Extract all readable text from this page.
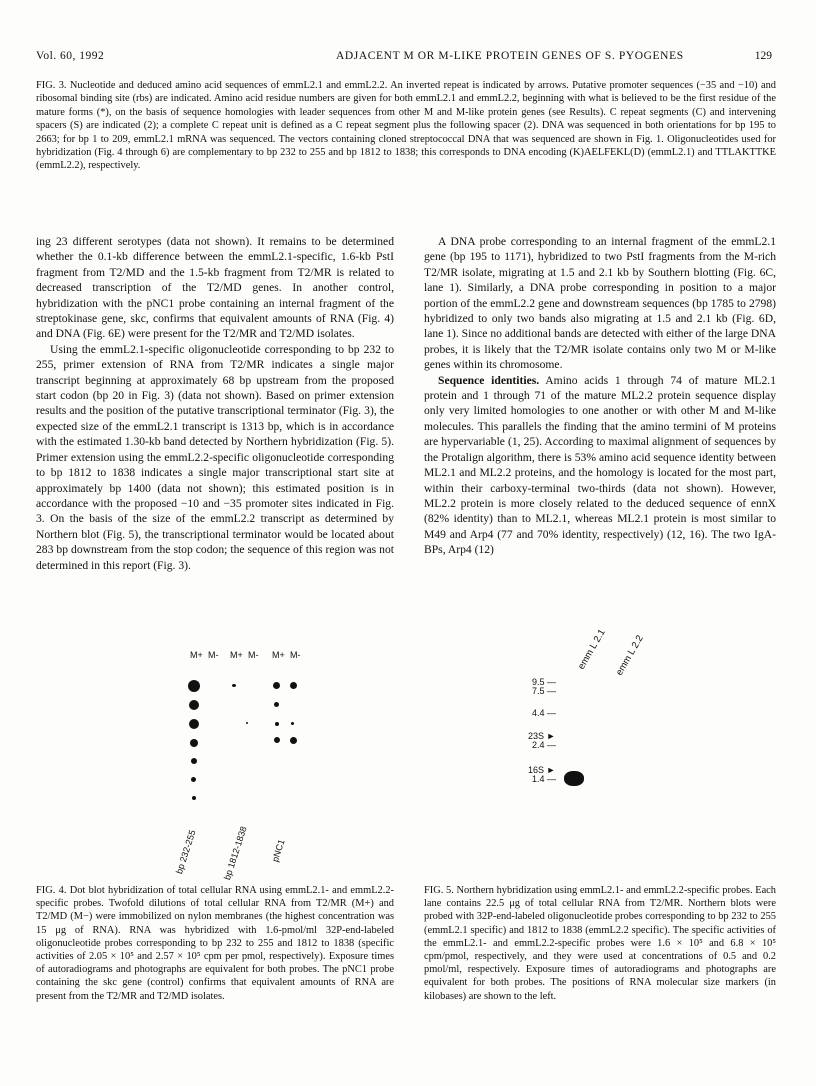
Vol. 60, 1992	ADJACENT M OR M-LIKE PROTEIN GENES OF S. PYOGENES	129
FIG. 3. Nucleotide and deduced amino acid sequences of emmL2.1 and emmL2.2. An inverted repeat is indicated by arrows. Putative promoter sequences (−35 and −10) and ribosomal binding site (rbs) are indicated. Amino acid residue numbers are given for both emmL2.1 and emmL2.2, beginning with what is believed to be the first residue of the mature forms (*), on the basis of sequence homologies with leader sequences from other M and M-like protein genes (see Results). C repeat segments (C) and intervening spacers (S) are indicated (2); a complete C repeat unit is defined as a C repeat segment plus the following spacer (2). DNA was sequenced in both orientations for bp 195 to 2663; for bp 1 to 209, emmL2.1 mRNA was sequenced. The vectors containing cloned streptococcal DNA that was sequenced are shown in Fig. 1. Oligonucleotides used for hybridization (Fig. 4 through 6) are complementary to bp 232 to 255 and bp 1812 to 1838; this corresponds to DNA encoding (K)AELFEKL(D) (emmL2.1) and TTLAKTTKE (emmL2.2), respectively.

ing 23 different serotypes (data not shown). It remains to be determined whether the 0.1-kb difference between the emmL2.1-specific, 1.6-kb PstI fragment from T2/MD and the 1.5-kb fragment from T2/MR is related to decreased transcription of the T2/MD genes. In another control, hybridization with the pNC1 probe containing an internal fragment of the streptokinase gene, skc, confirms that equivalent amounts of RNA (Fig. 4) and DNA (Fig. 6E) were present for the T2/MR and T2/MD isolates.

Using the emmL2.1-specific oligonucleotide corresponding to bp 232 to 255, primer extension of RNA from T2/MR indicates a single major transcript beginning at approximately 68 bp upstream from the proposed start codon (bp 20 in Fig. 3) (data not shown). Based on primer extension results and the position of the putative transcriptional terminator (Fig. 3), the expected size of the emmL2.1 transcript is 1313 bp, which is in accordance with the estimated 1.30-kb band detected by Northern hybridization (Fig. 5). Primer extension using the emmL2.2-specific oligonucleotide corresponding to bp 1812 to 1838 indicates a single major transcriptional start site at approximately bp 1400 (data not shown); this estimated position is in accordance with the proposed −10 and −35 promoter sites indicated in Fig. 3. On the basis of the size of the emmL2.2 transcript as determined by Northern blot (Fig. 5), the transcriptional terminator would be located about 283 bp downstream from the stop codon; the sequence of this region was not determined in this report (Fig. 3).

A DNA probe corresponding to an internal fragment of the emmL2.1 gene (bp 195 to 1171), hybridized to two PstI fragments from the M-rich T2/MR isolate, migrating at 1.5 and 2.1 kb by Southern blotting (Fig. 6C, lane 1). Similarly, a DNA probe corresponding in position to a major portion of the emmL2.2 gene and downstream sequences (bp 1785 to 2798) hybridized to only two bands also migrating at 1.5 and 2.1 kb (Fig. 6D, lane 1). Since no additional bands are detected with either of the large DNA probes, it is likely that the T2/MR isolate contains only two M or M-like genes within its chromosome.

Sequence identities. Amino acids 1 through 74 of mature ML2.1 protein and 1 through 71 of the mature ML2.2 protein sequence display only very limited homologies to one another or with other M and M-like molecules. This parallels the finding that the amino termini of M proteins are hypervariable (1, 25). According to maximal alignment of sequences by the Protalign algorithm, there is 53% amino acid sequence identity between ML2.1 and ML2.2 proteins, and the homology is located for the most part, within their carboxy-terminal two-thirds (data not shown). However, ML2.2 protein is more closely related to the deduced sequence of ennX (82% identity) than to ML2.1, whereas ML2.1 protein is most similar to M49 and Arp4 (77 and 70% identity, respectively) (12, 16). The two IgA-BPs, Arp4 (12)

M+ M- M+ M- M+ M-
bp 232-255	bp 1812-1838 pNC1
emm L 2.1 emm L 2.2
9.5 —
7.5 —
4.4 —
23S ►
2.4 —
16S ►
1.4 —
FIG. 4. Dot blot hybridization of total cellular RNA using emmL2.1- and emmL2.2-specific probes. Twofold dilutions of total cellular RNA from T2/MR (M+) and T2/MD (M−) were immobilized on nylon membranes (the highest concentration was 15 μg of RNA). RNA was hybridized with 1.6-pmol/ml 32P-end-labeled oligonucleotide probes corresponding to bp 232 to 255 and 1812 to 1838 (specific activities of 2.05 × 10⁵ and 2.57 × 10⁵ cpm per pmol, respectively). Exposure times of autoradiograms and photographs are equivalent for both probes. The pNC1 probe containing the skc gene (control) confirms that equivalent amounts of RNA are present from the T2/MR and T2/MD isolates.
FIG. 5. Northern hybridization using emmL2.1- and emmL2.2-specific probes. Each lane contains 22.5 μg of total cellular RNA from T2/MR. Northern blots were probed with 32P-end-labeled oligonucleotide probes corresponding to bp 232 to 255 (emmL2.1 specific) and 1812 to 1838 (emmL2.2 specific). The specific activities of the emmL2.1- and emmL2.2-specific probes were 1.6 × 10⁵ and 6.8 × 10⁵ cpm/pmol, respectively, and they were used at concentrations of 0.5 and 0.2 pmol/ml, respectively. Exposure times of autoradiograms and photographs are equivalent for both probes. The positions of RNA molecular size markers (in kilobases) are shown to the left.
